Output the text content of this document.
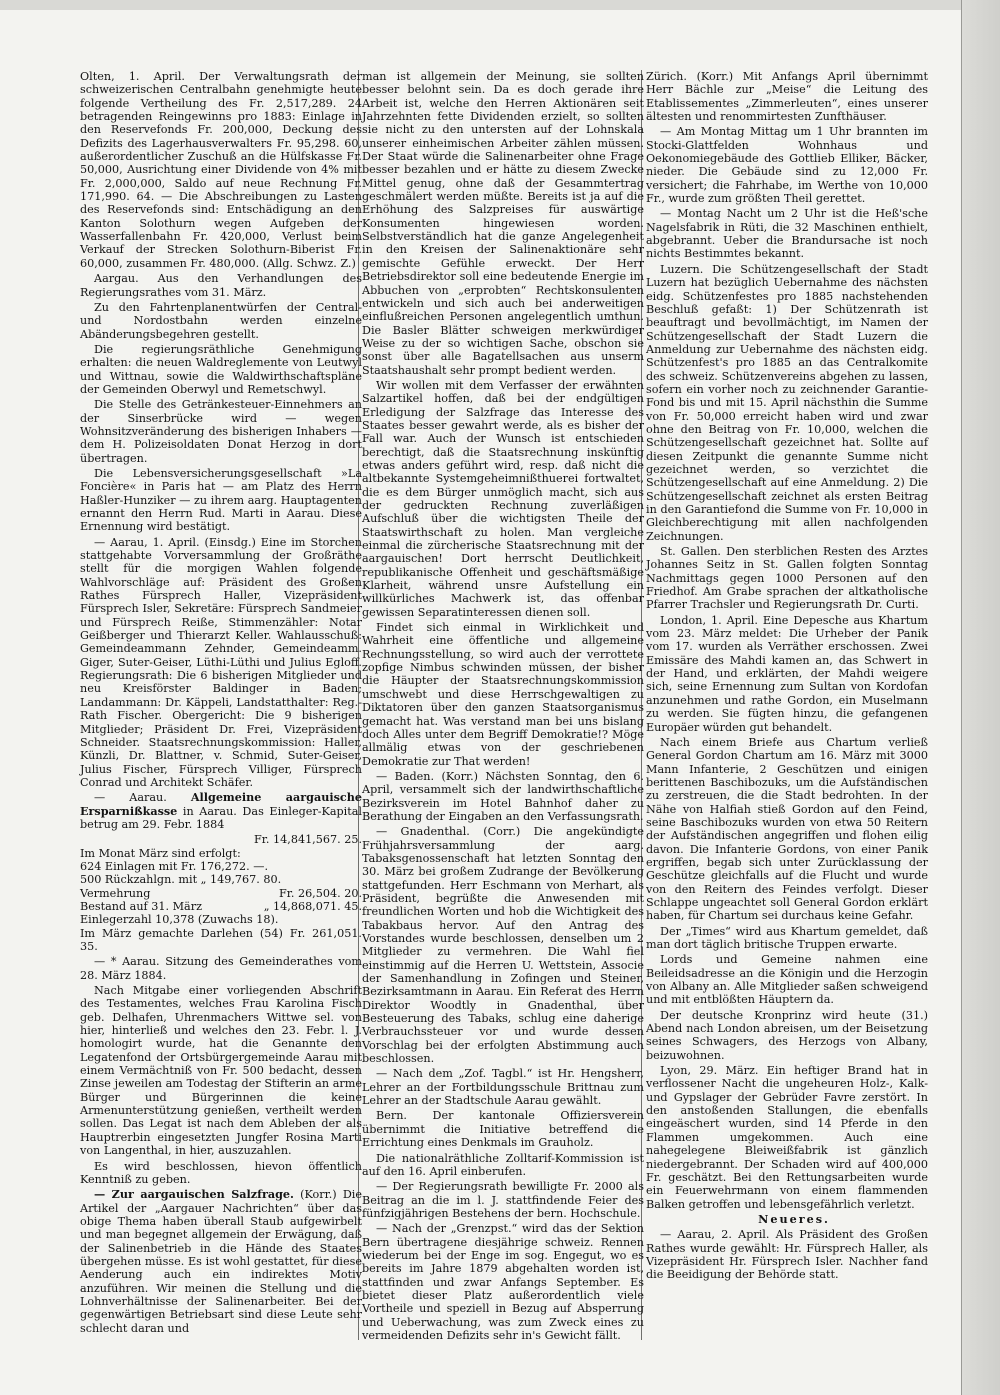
Olten, 1. April. Der Verwaltungsrath der schweizerischen Centralbahn genehmigte heute folgende Vertheilung des Fr. 2,517,289. 24 betragenden Reingewinns pro 1883: Einlage in den Reservefonds Fr. 200,000, Deckung des Defizits des Lagerhausverwalters Fr. 95,298. 60, außerordentlicher Zuschuß an die Hülfskasse Fr. 50,000, Ausrichtung einer Dividende von 4% mit Fr. 2,000,000, Saldo auf neue Rechnung Fr. 171,990. 64. — Die Abschreibungen zu Lasten des Reservefonds sind: Entschädigung an den Kanton Solothurn wegen Aufgeben der Wasserfallenbahn Fr. 420,000, Verlust beim Verkauf der Strecken Solothurn-Biberist Fr. 60,000, zusammen Fr. 480,000. (Allg. Schwz. Z.)

Aargau. Aus den Verhandlungen des Regierungsrathes vom 31. März.

Zu den Fahrtenplanentwürfen der Central- und Nordostbahn werden einzelne Abänderungsbegehren gestellt.

Die regierungsräthliche Genehmigung erhalten: die neuen Waldreglemente von Leutwyl und Wittnau, sowie die Waldwirthschaftspläne der Gemeinden Oberwyl und Remetschwyl.

Die Stelle des Getränkesteuer-Einnehmers an der Sinserbrücke wird — wegen Wohnsitzveränderung des bisherigen Inhabers — dem H. Polizeisoldaten Donat Herzog in dort übertragen.

Die Lebensversicherungsgesellschaft »La Foncière« in Paris hat — am Platz des Herrn Haßler-Hunziker — zu ihrem aarg. Hauptagenten ernannt den Herrn Rud. Marti in Aarau. Diese Ernennung wird bestätigt.

— Aarau, 1. April. (Einsdg.) Eine im Storchen stattgehabte Vorversammlung der Großräthe stellt für die morgigen Wahlen folgende Wahlvorschläge auf: Präsident des Großen Rathes Fürsprech Haller, Vizepräsident Fürsprech Isler, Sekretäre: Fürsprech Sandmeier und Fürsprech Reiße, Stimmenzähler: Notar Geißberger und Thierarzt Keller. Wahlausschuß: Gemeindeammann Zehnder, Gemeindeamm. Giger, Suter-Geiser, Lüthi-Lüthi und Julius Egloff. Regierungsrath: Die 6 bisherigen Mitglieder und neu Kreisförster Baldinger in Baden; Landammann: Dr. Käppeli, Landstatthalter: Reg.-Rath Fischer. Obergericht: Die 9 bisherigen Mitglieder; Präsident Dr. Frei, Vizepräsident Schneider. Staatsrechnungskommission: Haller, Künzli, Dr. Blattner, v. Schmid, Suter-Geiser, Julius Fischer, Fürsprech Villiger, Fürsprech Conrad und Architekt Schäfer.

— Aarau. Allgemeine aargauische Ersparnißkasse in Aarau. Das Einleger-Kapital betrug am 29. Febr. 1884

Fr. 14,841,567. 25.
Im Monat März sind erfolgt:
624 Einlagen mit Fr. 176,272. —.
500 Rückzahlgn. mit „ 149,767. 80.
Vermehrung	Fr. 26,504. 20.
Bestand auf 31. März	„ 14,868,071. 45.
Einlegerzahl 10,378 (Zuwachs 18).
Im März gemachte Darlehen (54) Fr. 261,051. 35.

— * Aarau. Sitzung des Gemeinderathes vom 28. März 1884.

Nach Mitgabe einer vorliegenden Abschrift des Testamentes, welches Frau Karolina Fisch geb. Delhafen, Uhrenmachers Wittwe sel. von hier, hinterließ und welches den 23. Febr. l. J. homologirt wurde, hat die Genannte den Legatenfond der Ortsbürgergemeinde Aarau mit einem Vermächtniß von Fr. 500 bedacht, dessen Zinse jeweilen am Todestag der Stifterin an arme Bürger und Bürgerinnen die keine Armenunterstützung genießen, vertheilt werden sollen. Das Legat ist nach dem Ableben der als Hauptrerbin eingesetzten Jungfer Rosina Marti von Langenthal, in hier, auszuzahlen.

Es wird beschlossen, hievon öffentlich Kenntniß zu geben.

— Zur aargauischen Salzfrage. (Korr.) Die Artikel der „Aargauer Nachrichten“ über das obige Thema haben überall Staub aufgewirbelt und man begegnet allgemein der Erwägung, daß der Salinenbetrieb in die Hände des Staates übergehen müsse. Es ist wohl gestattet, für diese Aenderung auch ein indirektes Motiv anzuführen. Wir meinen die Stellung und die Lohnverhältnisse der Salinenarbeiter. Bei der gegenwärtigen Betriebsart sind diese Leute sehr schlecht daran und

man ist allgemein der Meinung, sie sollten besser belohnt sein. Da es doch gerade ihre Arbeit ist, welche den Herren Aktionären seit Jahrzehnten fette Dividenden erzielt, so sollten sie nicht zu den untersten auf der Lohnskala unserer einheimischen Arbeiter zählen müssen. Der Staat würde die Salinenarbeiter ohne Frage besser bezahlen und er hätte zu diesem Zwecke Mittel genug, ohne daß der Gesammtertrag geschmälert werden müßte. Bereits ist ja auf die Erhöhung des Salzpreises für auswärtige Konsumenten hingewiesen worden. Selbstverständlich hat die ganze Angelegenheit in den Kreisen der Salinenaktionäre sehr gemischte Gefühle erweckt. Der Herr Betriebsdirektor soll eine bedeutende Energie im Abbuchen von „erprobten“ Rechtskonsulenten entwickeln und sich auch bei anderweitigen einflußreichen Personen angelegentlich umthun. Die Basler Blätter schweigen merkwürdiger Weise zu der so wichtigen Sache, obschon sie sonst über alle Bagatellsachen aus unserm Staatshaushalt sehr prompt bedient werden.

Wir wollen mit dem Verfasser der erwähnten Salzartikel hoffen, daß bei der endgültigen Erledigung der Salzfrage das Interesse des Staates besser gewahrt werde, als es bisher der Fall war. Auch der Wunsch ist entschieden berechtigt, daß die Staatsrechnung inskünftig etwas anders geführt wird, resp. daß nicht die altbekannte Systemgeheimnißthuerei fortwaltet, die es dem Bürger unmöglich macht, sich aus der gedruckten Rechnung zuverläßigen Aufschluß über die wichtigsten Theile der Staatswirthschaft zu holen. Man vergleiche einmal die zürcherische Staatsrechnung mit der aargauischen! Dort herrscht Deutlichkeit, republikanische Offenheit und geschäftsmäßige Klarheit, während unsre Aufstellung ein willkürliches Machwerk ist, das offenbar gewissen Separatinteressen dienen soll.

Findet sich einmal in Wirklichkeit und Wahrheit eine öffentliche und allgemeine Rechnungsstellung, so wird auch der verrottete zopfige Nimbus schwinden müssen, der bisher die Häupter der Staatsrechnungskommission umschwebt und diese Herrschgewaltigen zu Diktatoren über den ganzen Staatsorganismus gemacht hat. Was verstand man bei uns bislang doch Alles unter dem Begriff Demokratie!? Möge allmälig etwas von der geschriebenen Demokratie zur That werden!

— Baden. (Korr.) Nächsten Sonntag, den 6. April, versammelt sich der landwirthschaftliche Bezirksverein im Hotel Bahnhof daher zu Berathung der Eingaben an den Verfassungsrath.

— Gnadenthal. (Corr.) Die angekündigte Frühjahrsversammlung der aarg. Tabaksgenossenschaft hat letzten Sonntag den 30. März bei großem Zudrange der Bevölkerung stattgefunden. Herr Eschmann von Merhart, als Präsident, begrüßte die Anwesenden mit freundlichen Worten und hob die Wichtigkeit des Tabakbaus hervor. Auf den Antrag des Vorstandes wurde beschlossen, denselben um 2 Mitglieder zu vermehren. Die Wahl fiel einstimmig auf die Herren U. Wettstein, Associe der Samenhandlung in Zofingen und Steiner, Bezirksamtmann in Aarau. Ein Referat des Herrn Direktor Woodtly in Gnadenthal, über Besteuerung des Tabaks, schlug eine daherige Verbrauchssteuer vor und wurde dessen Vorschlag bei der erfolgten Abstimmung auch beschlossen.

— Nach dem „Zof. Tagbl.“ ist Hr. Hengsherr, Lehrer an der Fortbildungsschule Brittnau zum Lehrer an der Stadtschule Aarau gewählt.

Bern. Der kantonale Offiziersverein übernimmt die Initiative betreffend die Errichtung eines Denkmals im Grauholz.

Die nationalräthliche Zolltarif-Kommission ist auf den 16. April einberufen.

— Der Regierungsrath bewilligte Fr. 2000 als Beitrag an die im l. J. stattfindende Feier des fünfzigjährigen Bestehens der bern. Hochschule.

— Nach der „Grenzpst.“ wird das der Sektion Bern übertragene diesjährige schweiz. Rennen wiederum bei der Enge im sog. Engegut, wo es bereits im Jahre 1879 abgehalten worden ist, stattfinden und zwar Anfangs September. Es bietet dieser Platz außerordentlich viele Vortheile und speziell in Bezug auf Absperrung und Ueberwachung, was zum Zweck eines zu vermeidenden Defizits sehr in's Gewicht fällt.

Zürich. (Korr.) Mit Anfangs April übernimmt Herr Bächle zur „Meise“ die Leitung des Etablissementes „Zimmerleuten“, eines unserer ältesten und renommirtesten Zunfthäuser.

— Am Montag Mittag um 1 Uhr brannten im Stocki-Glattfelden Wohnhaus und Oekonomiegebäude des Gottlieb Elliker, Bäcker, nieder. Die Gebäude sind zu 12,000 Fr. versichert; die Fahrhabe, im Werthe von 10,000 Fr., wurde zum größten Theil gerettet.

— Montag Nacht um 2 Uhr ist die Heß'sche Nagelsfabrik in Rüti, die 32 Maschinen enthielt, abgebrannt. Ueber die Brandursache ist noch nichts Bestimmtes bekannt.

Luzern. Die Schützengesellschaft der Stadt Luzern hat bezüglich Uebernahme des nächsten eidg. Schützenfestes pro 1885 nachstehenden Beschluß gefaßt: 1) Der Schützenrath ist beauftragt und bevollmächtigt, im Namen der Schützengesellschaft der Stadt Luzern die Anmeldung zur Uebernahme des nächsten eidg. Schützenfest's pro 1885 an das Centralkomite des schweiz. Schützenvereins abgehen zu lassen, sofern ein vorher noch zu zeichnender Garantie-Fond bis und mit 15. April nächsthin die Summe von Fr. 50,000 erreicht haben wird und zwar ohne den Beitrag von Fr. 10,000, welchen die Schützengesellschaft gezeichnet hat. Sollte auf diesen Zeitpunkt die genannte Summe nicht gezeichnet werden, so verzichtet die Schützengesellschaft auf eine Anmeldung. 2) Die Schützengesellschaft zeichnet als ersten Beitrag in den Garantiefond die Summe von Fr. 10,000 in Gleichberechtigung mit allen nachfolgenden Zeichnungen.

St. Gallen. Den sterblichen Resten des Arztes Johannes Seitz in St. Gallen folgten Sonntag Nachmittags gegen 1000 Personen auf den Friedhof. Am Grabe sprachen der altkatholische Pfarrer Trachsler und Regierungsrath Dr. Curti.

London, 1. April. Eine Depesche aus Khartum vom 23. März meldet: Die Urheber der Panik vom 17. wurden als Verräther erschossen. Zwei Emissäre des Mahdi kamen an, das Schwert in der Hand, und erklärten, der Mahdi weigere sich, seine Ernennung zum Sultan von Kordofan anzunehmen und rathe Gordon, ein Muselmann zu werden. Sie fügten hinzu, die gefangenen Europäer würden gut behandelt.

Nach einem Briefe aus Chartum verließ General Gordon Chartum am 16. März mit 3000 Mann Infanterie, 2 Geschützen und einigen berittenen Baschibozuks, um die Aufständischen zu zerstreuen, die die Stadt bedrohten. In der Nähe von Halfiah stieß Gordon auf den Feind, seine Baschibozuks wurden von etwa 50 Reitern der Aufständischen angegriffen und flohen eilig davon. Die Infanterie Gordons, von einer Panik ergriffen, begab sich unter Zurücklassung der Geschütze gleichfalls auf die Flucht und wurde von den Reitern des Feindes verfolgt. Dieser Schlappe ungeachtet soll General Gordon erklärt haben, für Chartum sei durchaus keine Gefahr.

Der „Times“ wird aus Khartum gemeldet, daß man dort täglich britische Truppen erwarte.

Lords und Gemeine nahmen eine Beileidsadresse an die Königin und die Herzogin von Albany an. Alle Mitglieder saßen schweigend und mit entblößten Häuptern da.

Der deutsche Kronprinz wird heute (31.) Abend nach London abreisen, um der Beisetzung seines Schwagers, des Herzogs von Albany, beizuwohnen.

Lyon, 29. März. Ein heftiger Brand hat in verflossener Nacht die ungeheuren Holz-, Kalk- und Gypslager der Gebrüder Favre zerstört. In den anstoßenden Stallungen, die ebenfalls eingeäschert wurden, sind 14 Pferde in den Flammen umgekommen. Auch eine nahegelegene Bleiweißfabrik ist gänzlich niedergebrannt. Der Schaden wird auf 400,000 Fr. geschätzt. Bei den Rettungsarbeiten wurde ein Feuerwehrmann von einem flammenden Balken getroffen und lebensgefährlich verletzt.

Neueres.

— Aarau, 2. April. Als Präsident des Großen Rathes wurde gewählt: Hr. Fürsprech Haller, als Vizepräsident Hr. Fürsprech Isler. Nachher fand die Beeidigung der Behörde statt.
